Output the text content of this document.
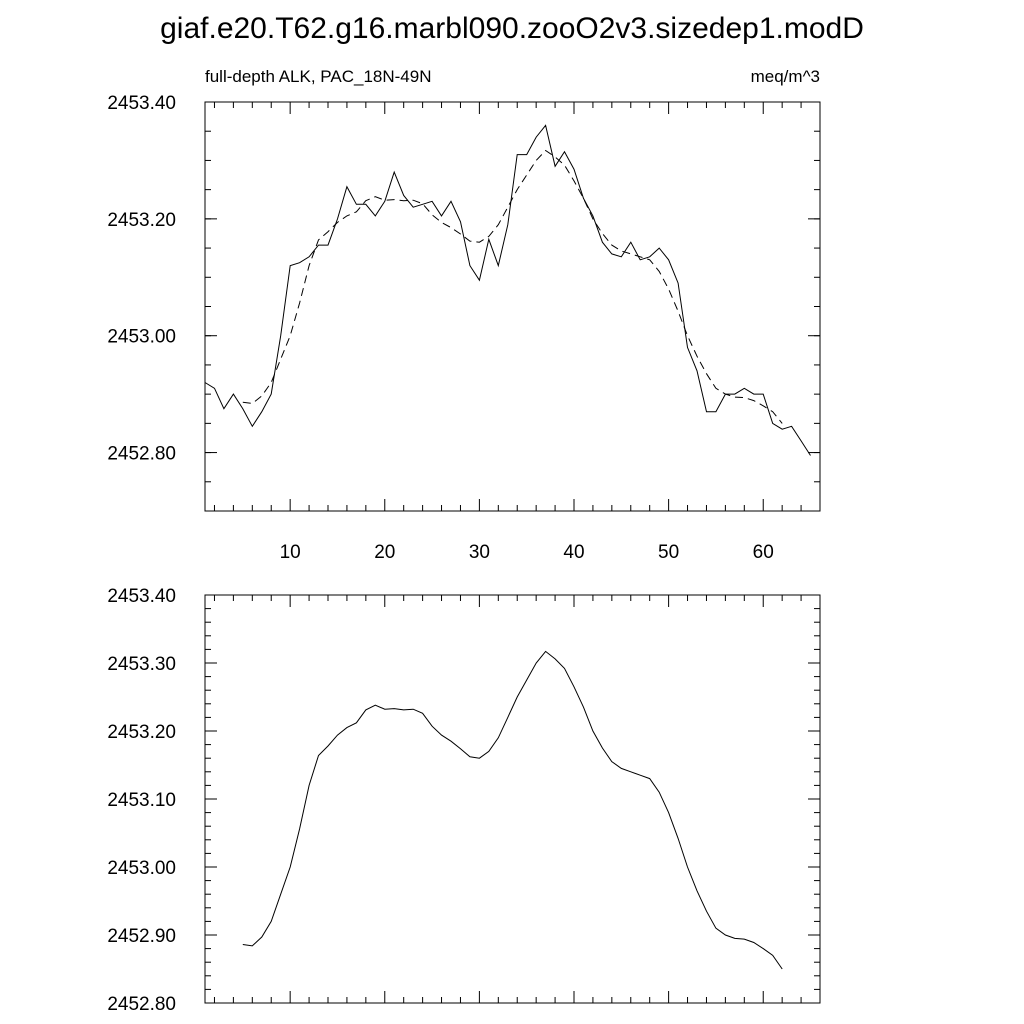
giaf.e20.T62.g16.marbl090.zooO2v3.sizedep1.modD
full-depth ALK, PAC_18N-49N	meq/m^3
10	20	30	40	50	60
2452.80
2453.00
2453.20
2453.40
2452.80
2452.90
2453.00
2453.10
2453.20
2453.30
2453.40
